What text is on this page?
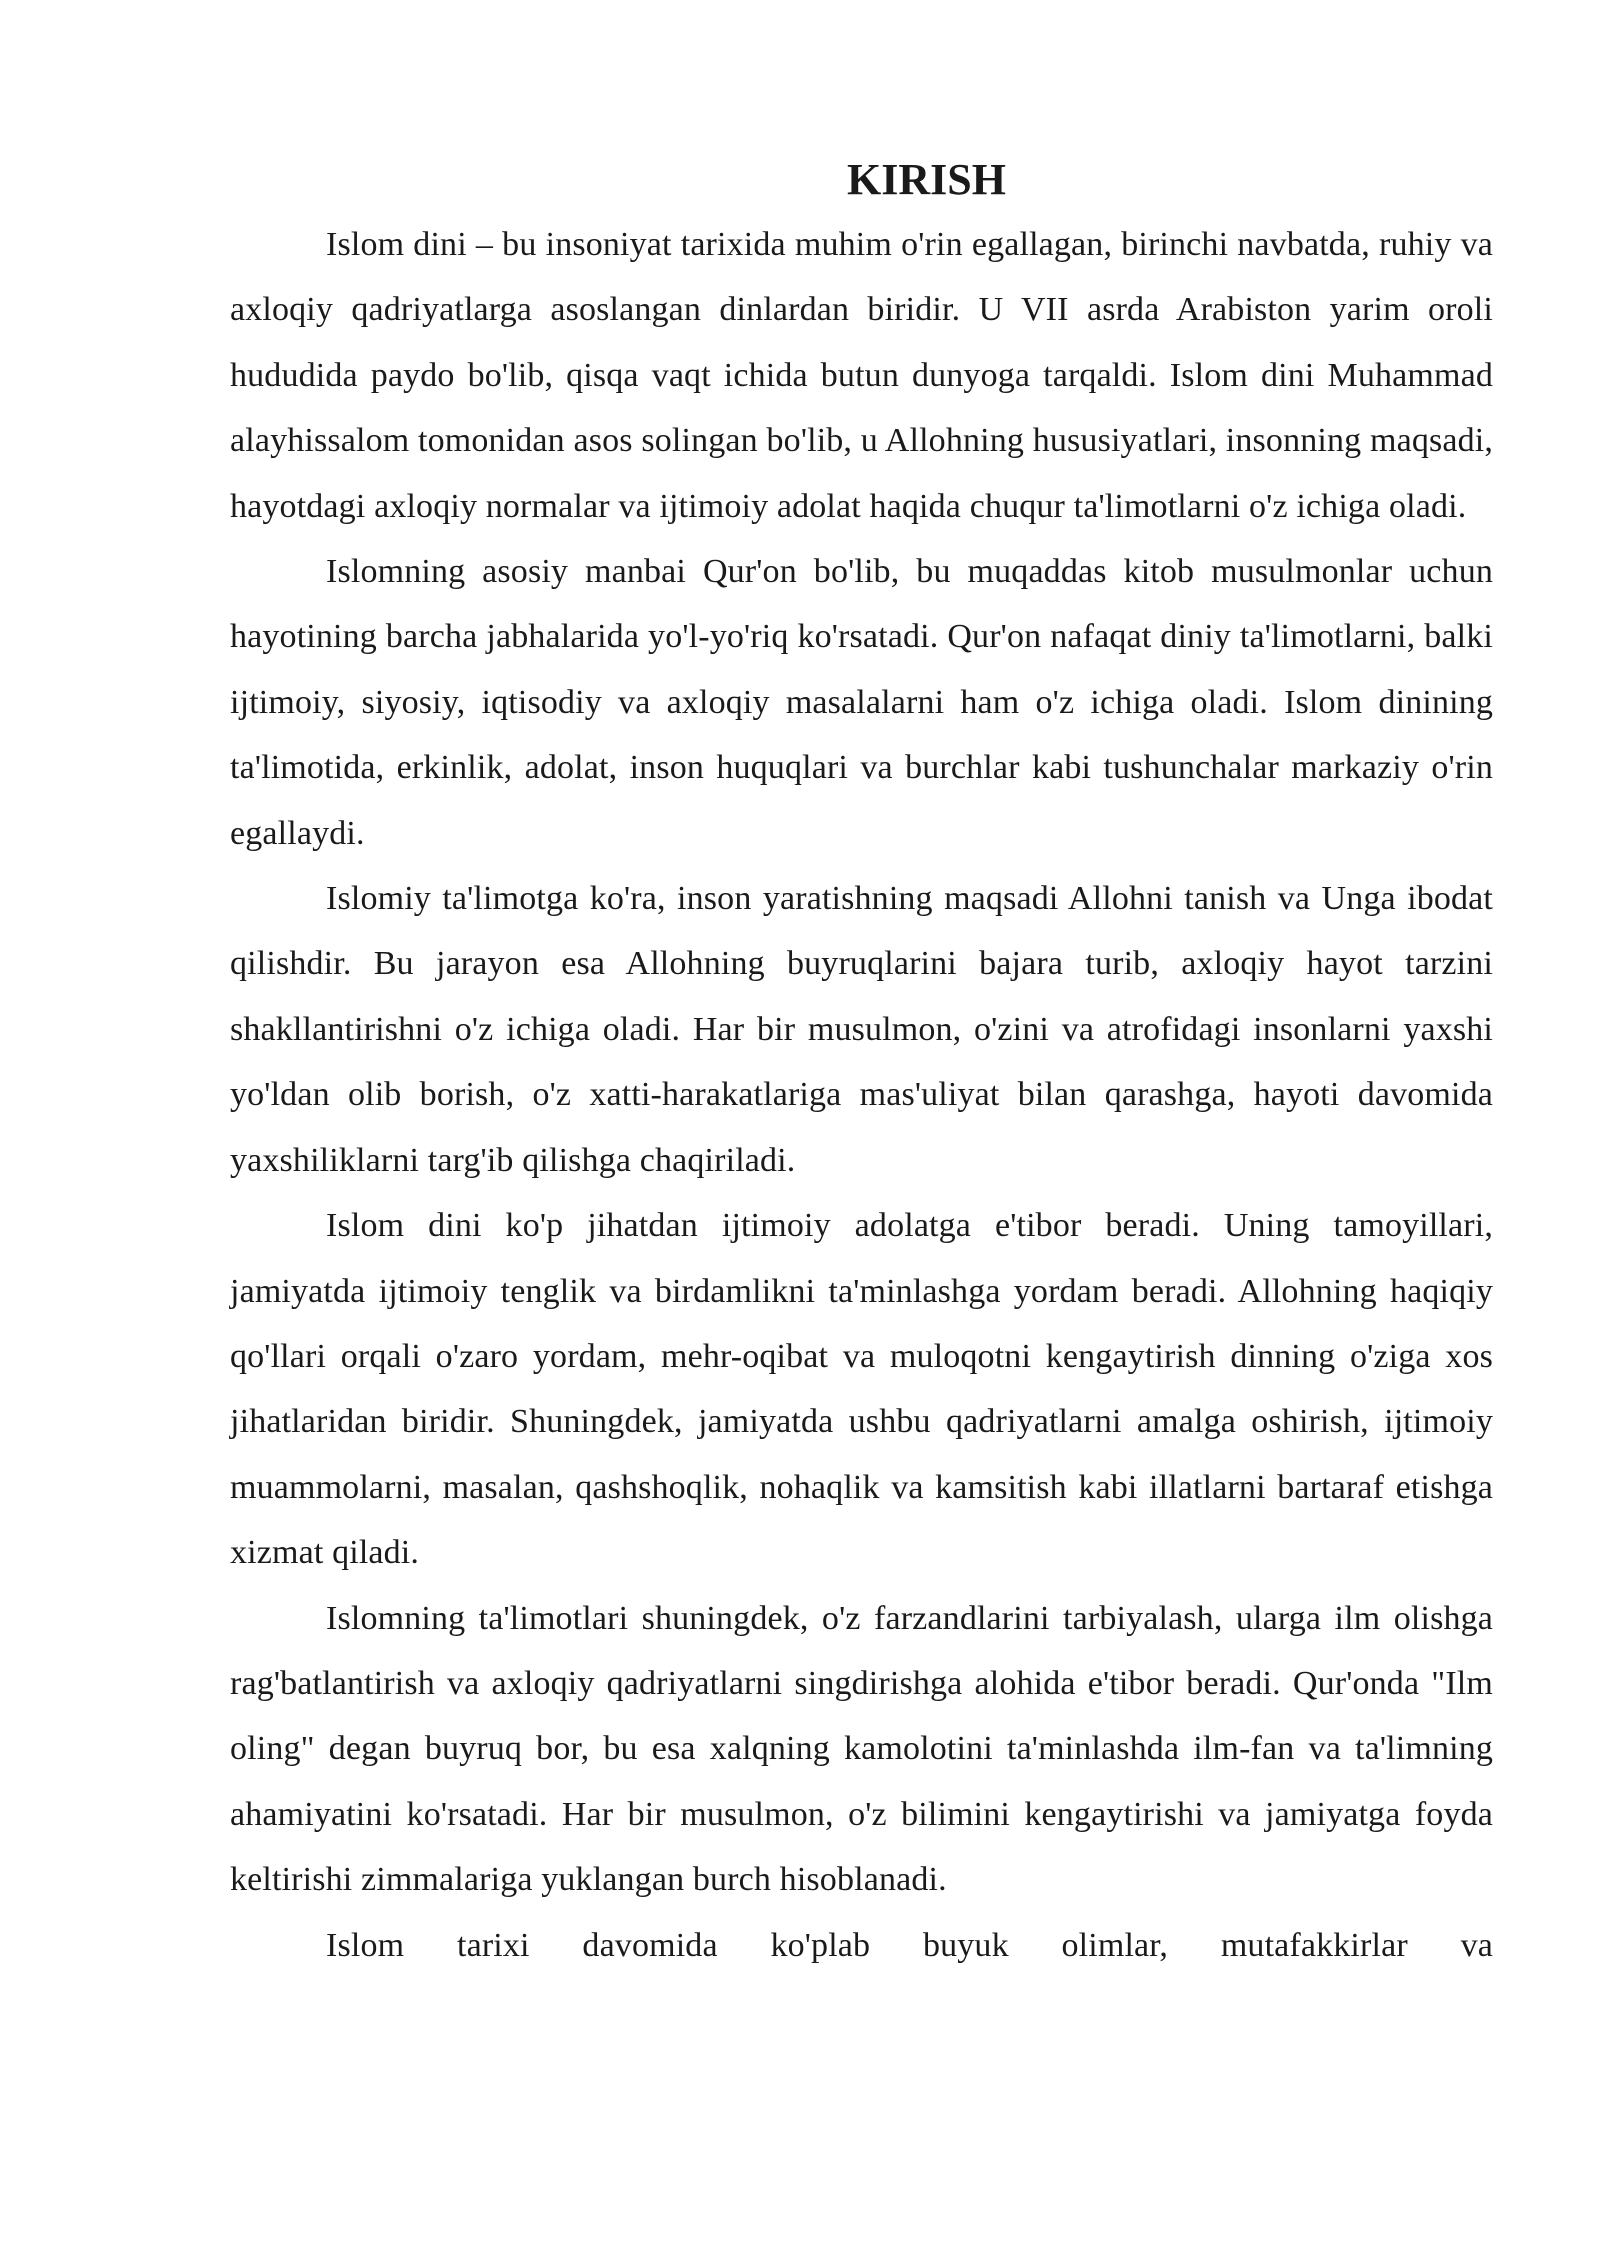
KIRISH

Islom dini – bu insoniyat tarixida muhim o'rin egallagan, birinchi navbatda, ruhiy va axloqiy qadriyatlarga asoslangan dinlardan biridir. U VII asrda Arabiston yarim oroli hududida paydo bo'lib, qisqa vaqt ichida butun dunyoga tarqaldi. Islom dini Muhammad alayhissalom tomonidan asos solingan bo'lib, u Allohning hususiyatlari, insonning maqsadi, hayotdagi axloqiy normalar va ijtimoiy adolat haqida chuqur ta'limotlarni o'z ichiga oladi.

Islomning asosiy manbai Qur'on bo'lib, bu muqaddas kitob musulmonlar uchun hayotining barcha jabhalarida yo'l-yo'riq ko'rsatadi. Qur'on nafaqat diniy ta'limotlarni, balki ijtimoiy, siyosiy, iqtisodiy va axloqiy masalalarni ham o'z ichiga oladi. Islom dinining ta'limotida, erkinlik, adolat, inson huquqlari va burchlar kabi tushunchalar markaziy o'rin egallaydi.

Islomiy ta'limotga ko'ra, inson yaratishning maqsadi Allohni tanish va Unga ibodat qilishdir. Bu jarayon esa Allohning buyruqlarini bajara turib, axloqiy hayot tarzini shakllantirishni o'z ichiga oladi. Har bir musulmon, o'zini va atrofidagi insonlarni yaxshi yo'ldan olib borish, o'z xatti-harakatlariga mas'uliyat bilan qarashga, hayoti davomida yaxshiliklarni targ'ib qilishga chaqiriladi.

Islom dini ko'p jihatdan ijtimoiy adolatga e'tibor beradi. Uning tamoyillari, jamiyatda ijtimoiy tenglik va birdamlikni ta'minlashga yordam beradi. Allohning haqiqiy qo'llari orqali o'zaro yordam, mehr-oqibat va muloqotni kengaytirish dinning o'ziga xos jihatlaridan biridir. Shuningdek, jamiyatda ushbu qadriyatlarni amalga oshirish, ijtimoiy muammolarni, masalan, qashshoqlik, nohaqlik va kamsitish kabi illatlarni bartaraf etishga xizmat qiladi.

Islomning ta'limotlari shuningdek, o'z farzandlarini tarbiyalash, ularga ilm olishga rag'batlantirish va axloqiy qadriyatlarni singdirishga alohida e'tibor beradi. Qur'onda "Ilm oling" degan buyruq bor, bu esa xalqning kamolotini ta'minlashda ilm-fan va ta'limning ahamiyatini ko'rsatadi. Har bir musulmon, o'z bilimini kengaytirishi va jamiyatga foyda keltirishi zimmalariga yuklangan burch hisoblanadi.

Islom tarixi davomida ko'plab buyuk olimlar, mutafakkirlar va
